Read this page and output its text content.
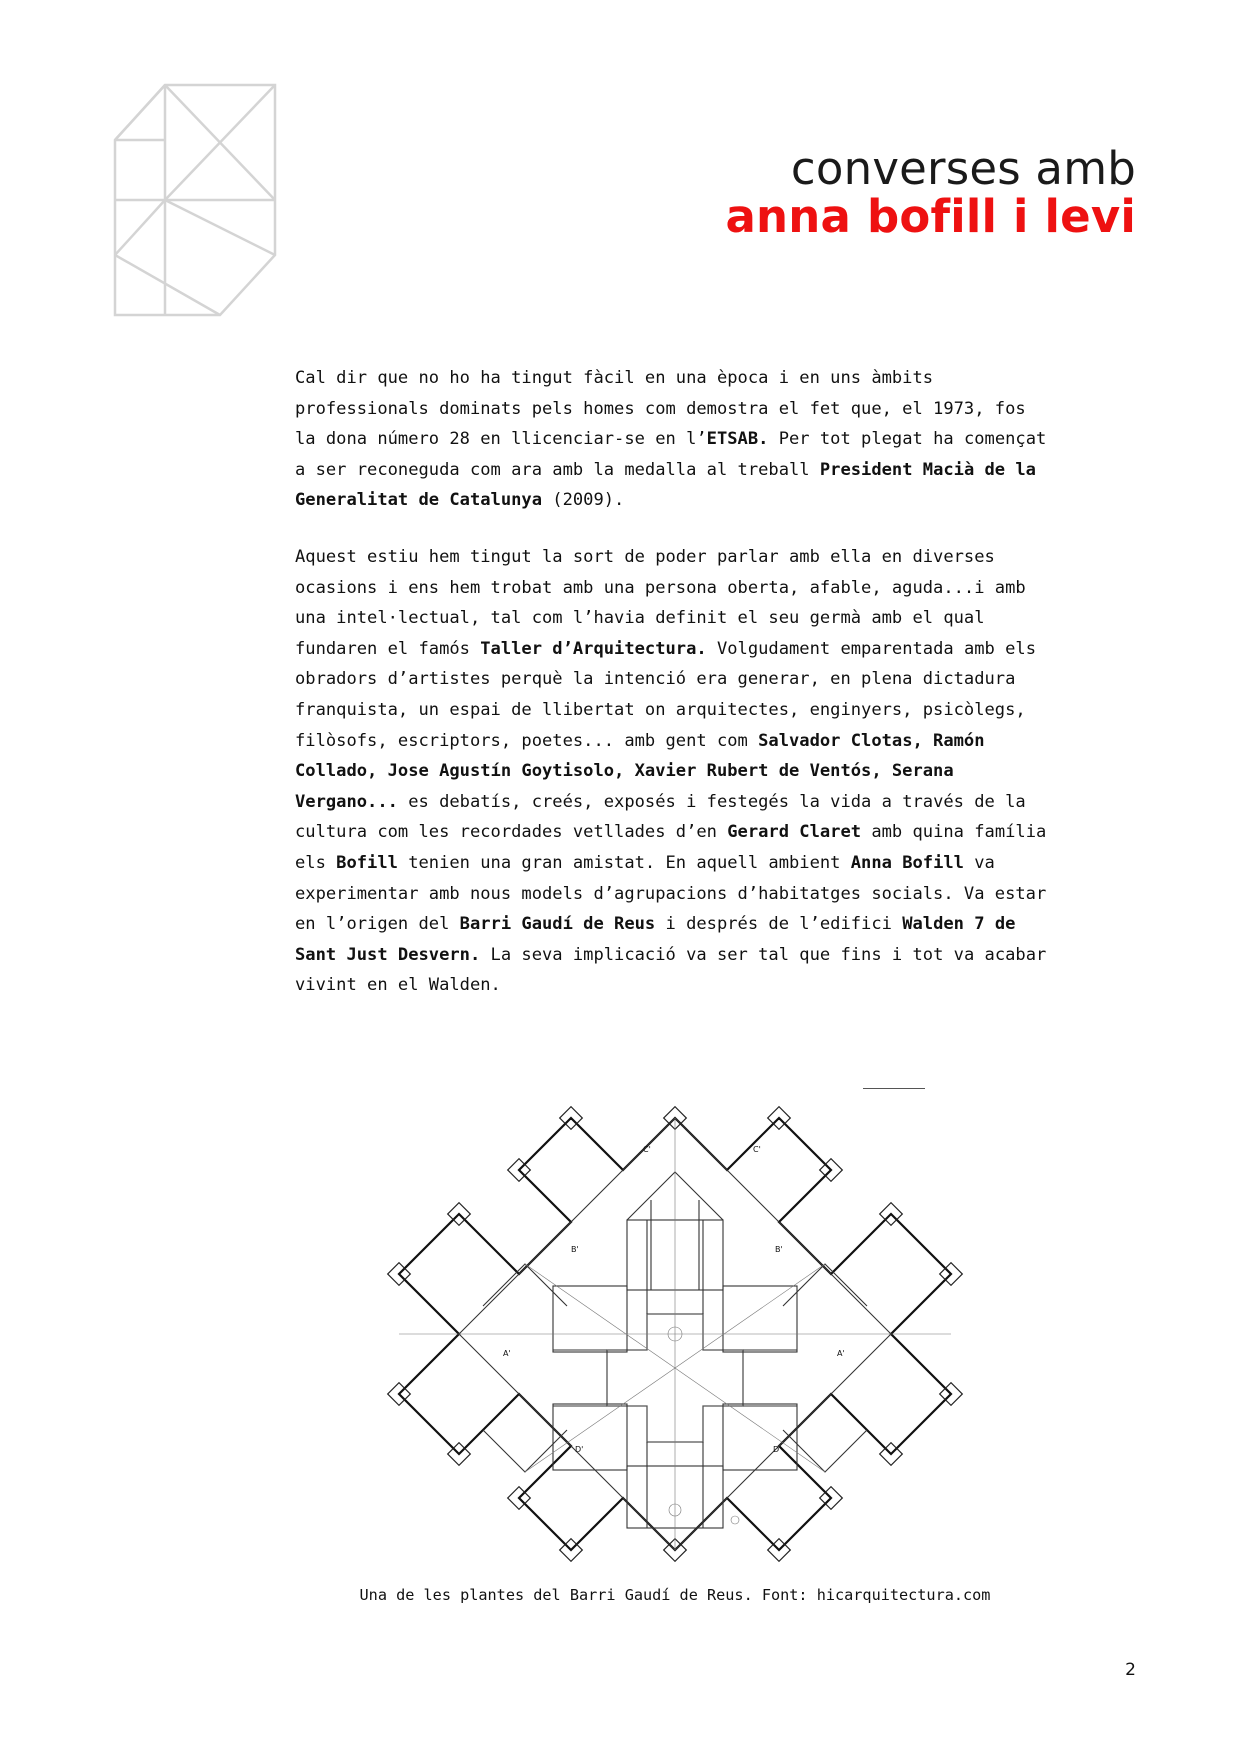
converses amb
anna bofill i levi

Cal dir que no ho ha tingut fàcil en una època i en uns àmbits professionals dominats pels homes com demostra el fet que, el 1973, fos la dona número 28 en llicenciar-se en l’ETSAB. Per tot plegat ha començat a ser reconeguda com ara amb la medalla al treball President Macià de la Generalitat de Catalunya (2009).

Aquest estiu hem tingut la sort de poder parlar amb ella en diverses ocasions i ens hem trobat amb una persona oberta, afable, aguda...i amb una intel·lectual, tal com l’havia definit el seu germà amb el qual fundaren el famós Taller d’Arquitectura. Volgudament emparentada amb els obradors d’artistes perquè la intenció era generar, en plena dictadura franquista, un espai de llibertat on arquitectes, enginyers, psicòlegs, filòsofs, escriptors, poetes... amb gent com Salvador Clotas, Ramón Collado, Jose Agustín Goytisolo, Xavier Rubert de Ventós, Serana Vergano... es debatís, creés, exposés i festegés la vida a través de la cultura com les recordades vetllades d’en Gerard Claret amb quina família els Bofill tenien una gran amistat. En aquell ambient Anna Bofill va experimentar amb nous models d’agrupacions d’habitatges socials. Va estar en l’origen del Barri Gaudí de Reus i després de l’edifici Walden 7 de Sant Just Desvern. La seva implicació va ser tal que fins i tot va acabar vivint en el Walden.

C'	C'
B'	B'
A'	A'
D'	D'
Una de les plantes del Barri Gaudí de Reus. Font: hicarquitectura.com
2
